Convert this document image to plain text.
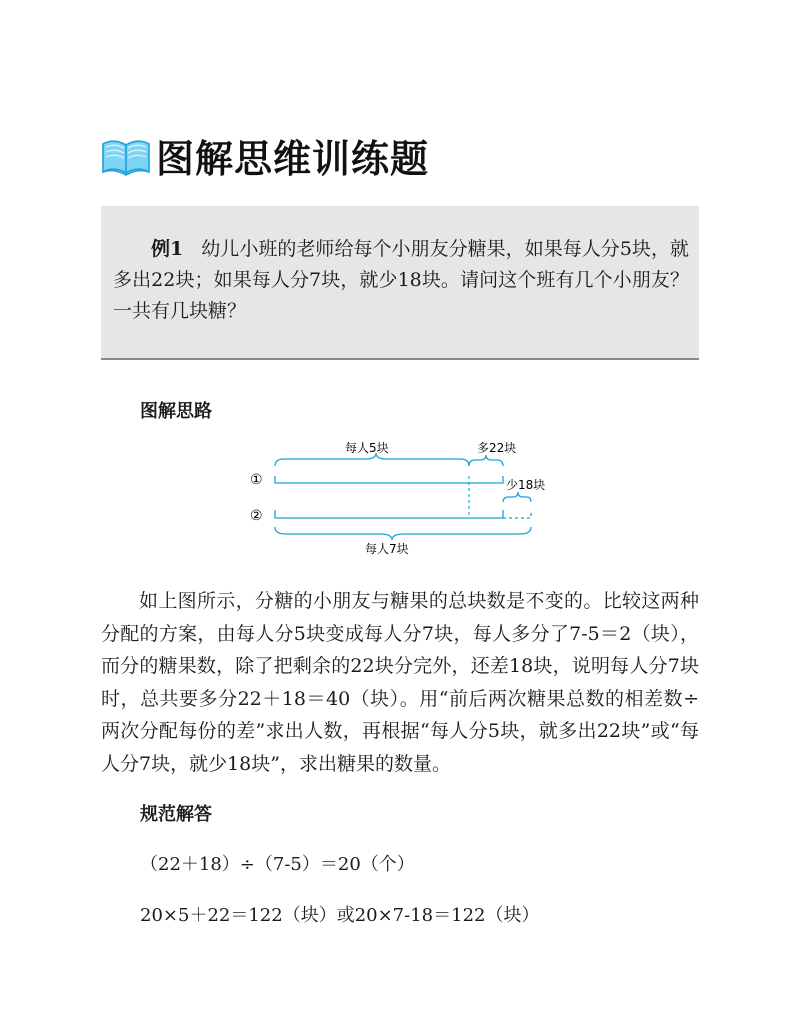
图解思维训练题
例1 幼儿小班的老师给每个小朋友分糖果，如果每人分5块，就多出22块；如果每人分7块，就少18块。请问这个班有几个小朋友？一共有几块糖？
图解思路
①
②
每人5块	多22块
少18块
每人7块
如上图所示，分糖的小朋友与糖果的总块数是不变的。比较这两种分配的方案，由每人分5块变成每人分7块，每人多分了7-5＝2（块），而分的糖果数，除了把剩余的22块分完外，还差18块，说明每人分7块时，总共要多分22＋18＝40（块）。用“前后两次糖果总数的相差数÷两次分配每份的差”求出人数，再根据“每人分5块，就多出22块”或“每人分7块，就少18块”，求出糖果的数量。
规范解答
（22＋18）÷（7-5）＝20（个）
20×5＋22＝122（块）或20×7-18＝122（块）
